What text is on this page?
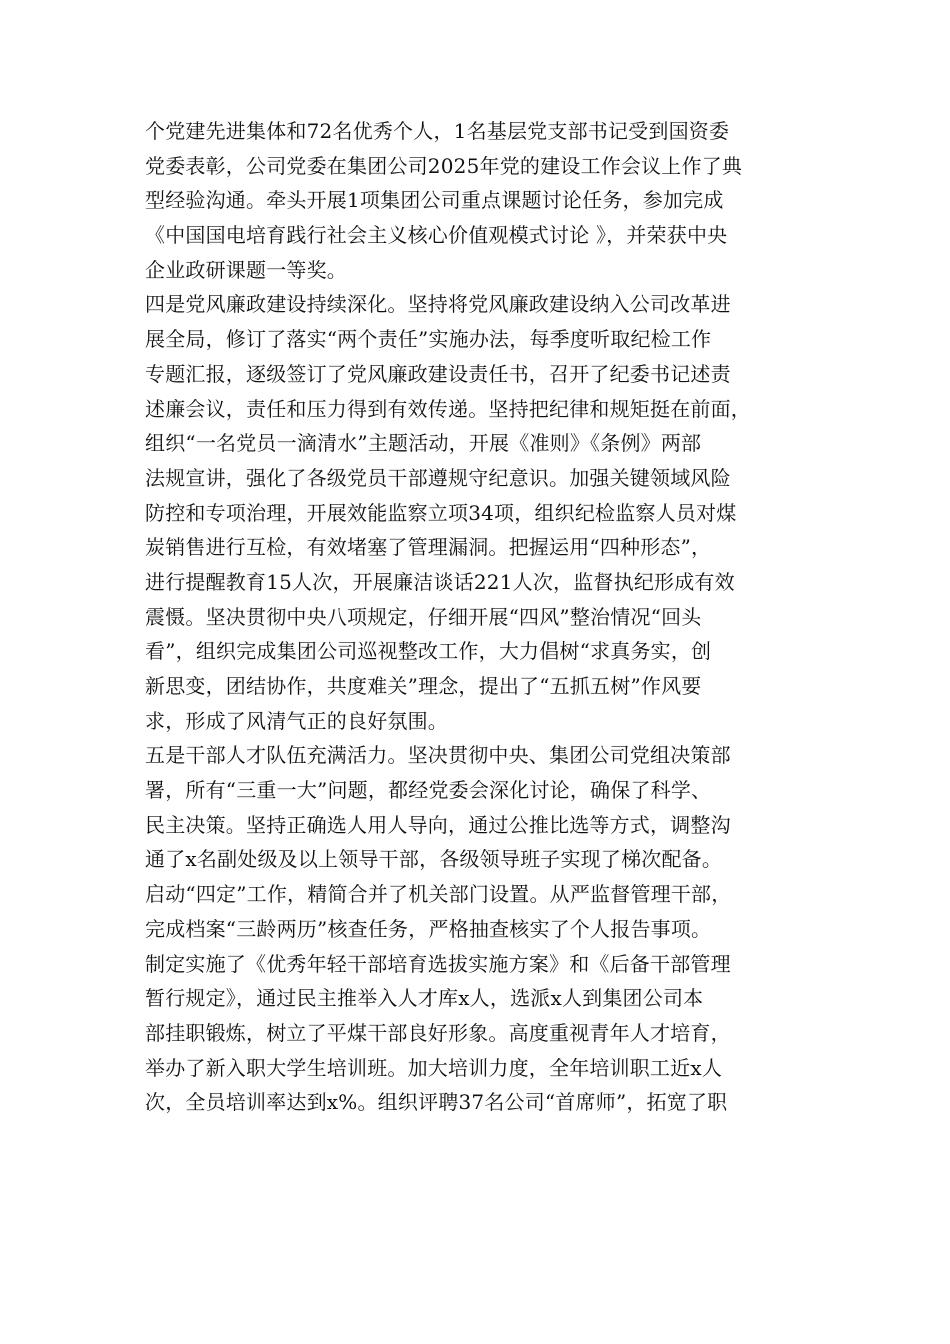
个党建先进集体和72名优秀个人，1名基层党支部书记受到国资委
党委表彰，公司党委在集团公司2025年党的建设工作会议上作了典
型经验沟通。牵头开展1项集团公司重点课题讨论任务，参加完成
《中国国电培育践行社会主义核心价值观模式讨论 》，并荣获中央
企业政研课题一等奖。
四是党风廉政建设持续深化。坚持将党风廉政建设纳入公司改革进
展全局，修订了落实“两个责任”实施办法，每季度听取纪检工作
专题汇报，逐级签订了党风廉政建设责任书，召开了纪委书记述责
述廉会议，责任和压力得到有效传递。坚持把纪律和规矩挺在前面，
组织“一名党员一滴清水”主题活动，开展《准则》《条例》两部
法规宣讲，强化了各级党员干部遵规守纪意识。加强关键领域风险
防控和专项治理，开展效能监察立项34项，组织纪检监察人员对煤
炭销售进行互检，有效堵塞了管理漏洞。把握运用“四种形态”，
进行提醒教育15人次，开展廉洁谈话221人次，监督执纪形成有效
震慑。坚决贯彻中央八项规定，仔细开展“四风”整治情况“回头
看”，组织完成集团公司巡视整改工作，大力倡树“求真务实，创
新思变，团结协作，共度难关”理念，提出了“五抓五树”作风要
求，形成了风清气正的良好氛围。
五是干部人才队伍充满活力。坚决贯彻中央、集团公司党组决策部
署，所有“三重一大”问题，都经党委会深化讨论，确保了科学、
民主决策。坚持正确选人用人导向，通过公推比选等方式，调整沟
通了x名副处级及以上领导干部，各级领导班子实现了梯次配备。
启动“四定”工作，精简合并了机关部门设置。从严监督管理干部，
完成档案“三龄两历”核查任务，严格抽查核实了个人报告事项。
制定实施了《优秀年轻干部培育选拔实施方案》和《后备干部管理
暂行规定》，通过民主推举入人才库x人，选派x人到集团公司本
部挂职锻炼，树立了平煤干部良好形象。高度重视青年人才培育，
举办了新入职大学生培训班。加大培训力度，全年培训职工近x人
次，全员培训率达到x%。组织评聘37名公司“首席师”，拓宽了职
